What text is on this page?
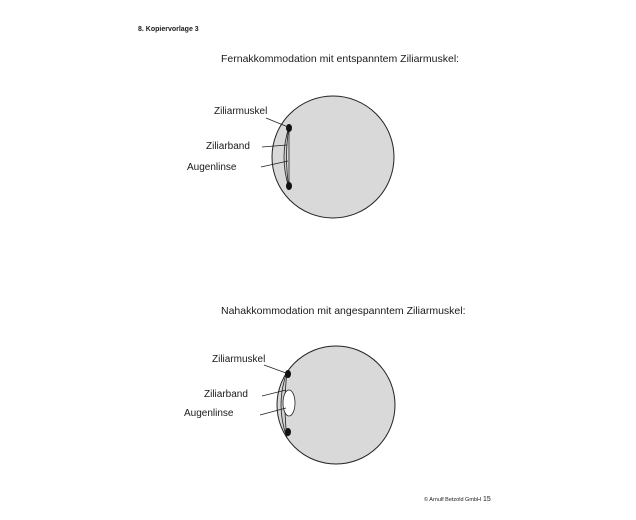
8. Kopiervorlage 3
Fernakkommodation mit entspanntem Ziliarmuskel:
Nahakkommodation mit angespanntem Ziliarmuskel:
Ziliarmuskel
Ziliarband
Augenlinse
Ziliarmuskel
Ziliarband
Augenlinse
© Arnulf Betzold GmbH 15
